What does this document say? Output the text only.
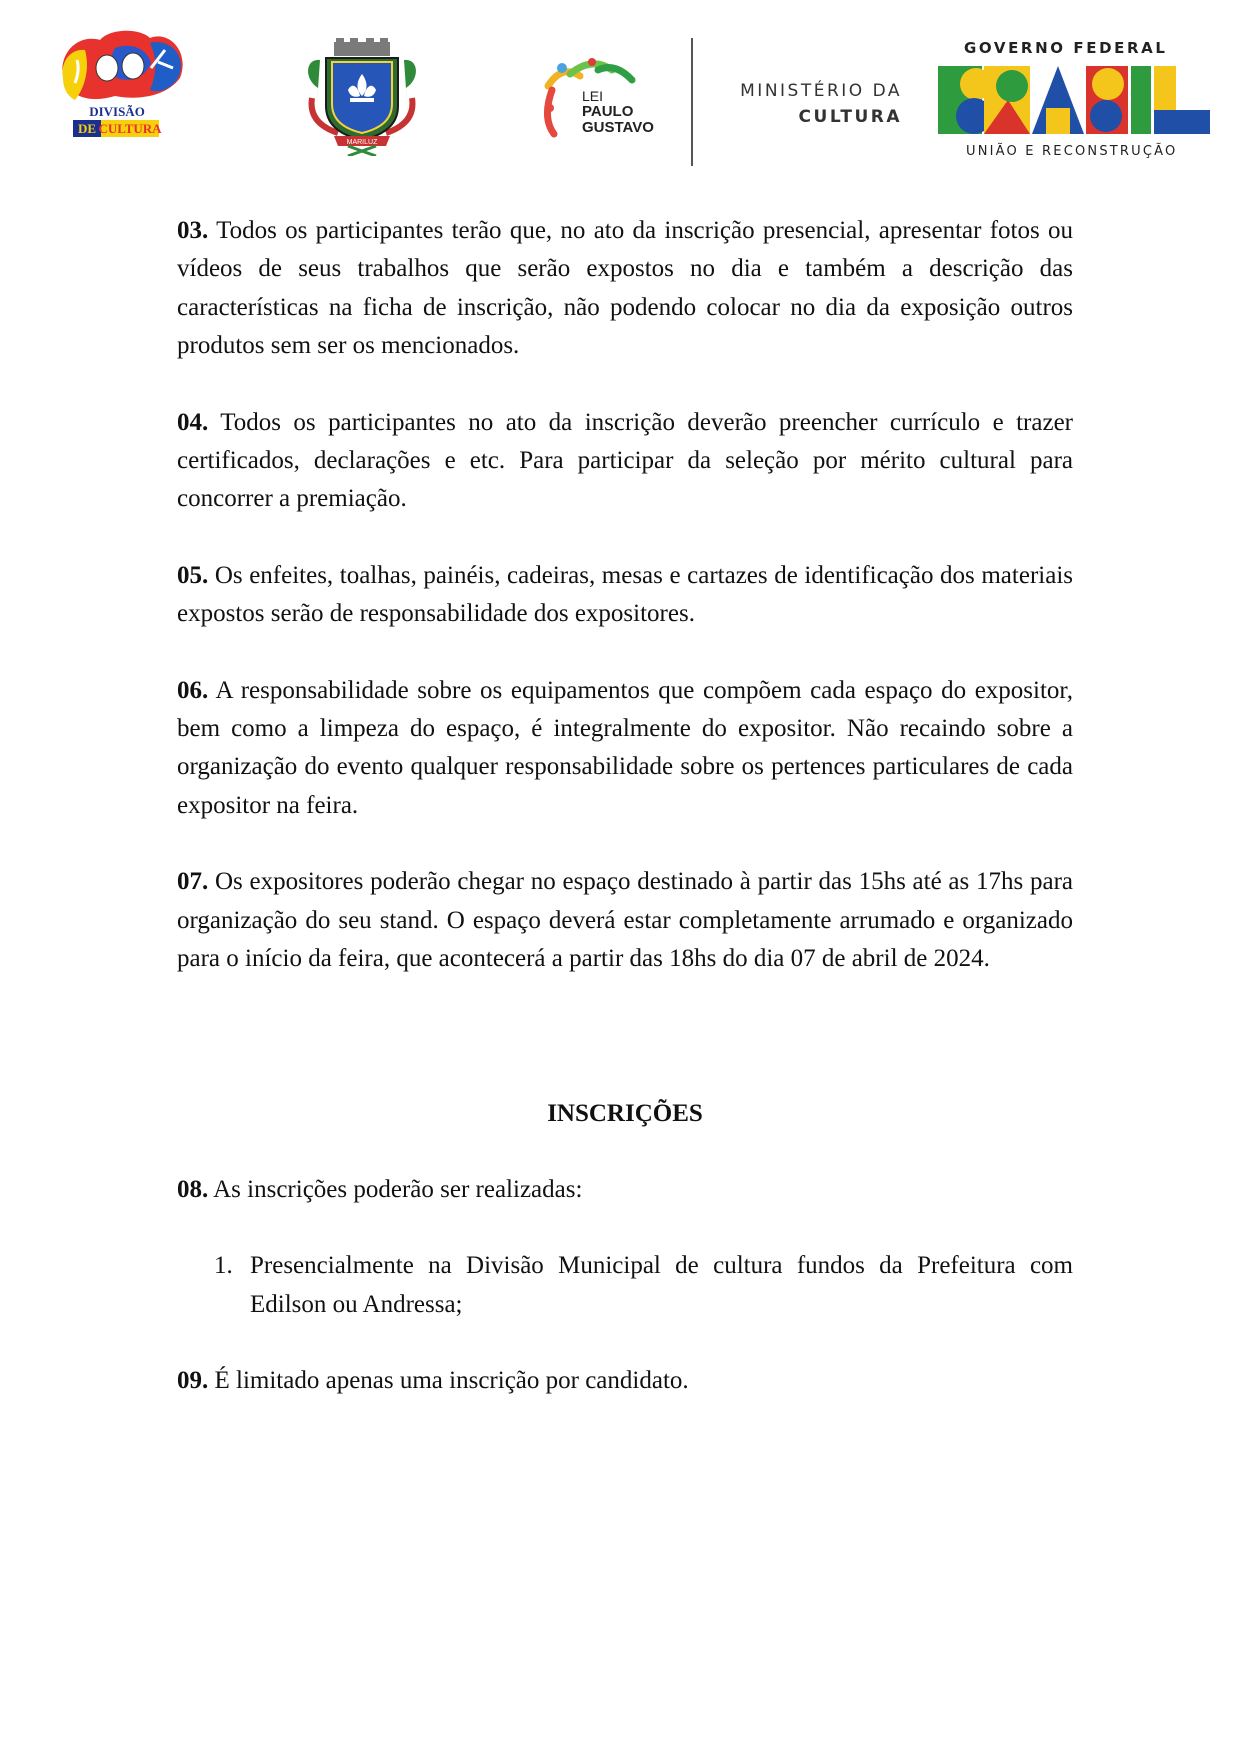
DIVISÃO
DE CULTURA
MARILUZ
LEI
PAULO
GUSTAVO
MINISTÉRIO DA
CULTURA
GOVERNO FEDERAL
UNIÃO E RECONSTRUÇÃO

03. Todos os participantes terão que, no ato da inscrição presencial, apresentar fotos ou vídeos de seus trabalhos que serão expostos no dia e também a descrição das características na ficha de inscrição, não podendo colocar no dia da exposição outros produtos sem ser os mencionados.

04. Todos os participantes no ato da inscrição deverão preencher currículo e trazer certificados, declarações e etc. Para participar da seleção por mérito cultural para concorrer a premiação.

05. Os enfeites, toalhas, painéis, cadeiras, mesas e cartazes de identificação dos materiais expostos serão de responsabilidade dos expositores.

06. A responsabilidade sobre os equipamentos que compõem cada espaço do expositor, bem como a limpeza do espaço, é integralmente do expositor. Não recaindo sobre a organização do evento qualquer responsabilidade sobre os pertences particulares de cada expositor na feira.

07. Os expositores poderão chegar no espaço destinado à partir das 15hs até as 17hs para organização do seu stand. O espaço deverá estar completamente arrumado e organizado para o início da feira, que acontecerá a partir das 18hs do dia 07 de abril de 2024.

INSCRIÇÕES

08. As inscrições poderão ser realizadas:

1. Presencialmente na Divisão Municipal de cultura fundos da Prefeitura com Edilson ou Andressa;

09. É limitado apenas uma inscrição por candidato.
